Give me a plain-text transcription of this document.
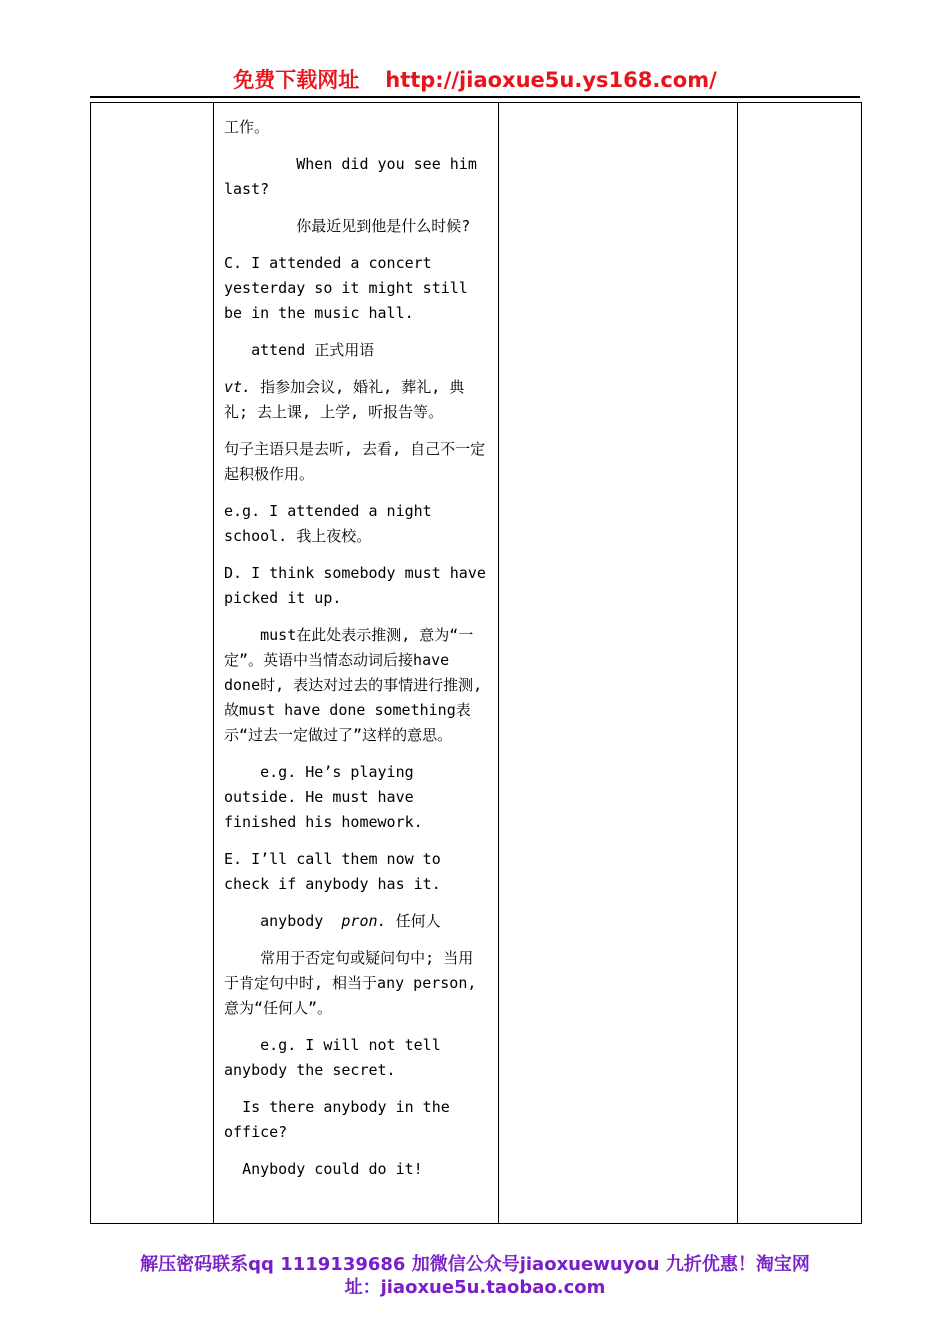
免费下载网址 http://jiaoxue5u.ys168.com/

工作。

When did you see him last?

你最近见到他是什么时候?

C. I attended a concert yesterday so it might still be in the music hall.

attend 正式用语

vt. 指参加会议, 婚礼, 葬礼, 典礼; 去上课, 上学, 听报告等。

句子主语只是去听, 去看, 自己不一定起积极作用。

e.g. I attended a night school. 我上夜校。

D. I think somebody must have picked it up.

must在此处表示推测, 意为“一定”。英语中当情态动词后接have done时, 表达对过去的事情进行推测, 故must have done something表示“过去一定做过了”这样的意思。

e.g. He’s playing outside. He must have finished his homework.

E. I’ll call them now to check if anybody has it.

anybody  pron. 任何人

常用于否定句或疑问句中; 当用于肯定句中时, 相当于any person, 意为“任何人”。

e.g. I will not tell anybody the secret.

Is there anybody in the office?

Anybody could do it!

解压密码联系qq 1119139686 加微信公众号jiaoxuewuyou 九折优惠！淘宝网
址：jiaoxue5u.taobao.com
